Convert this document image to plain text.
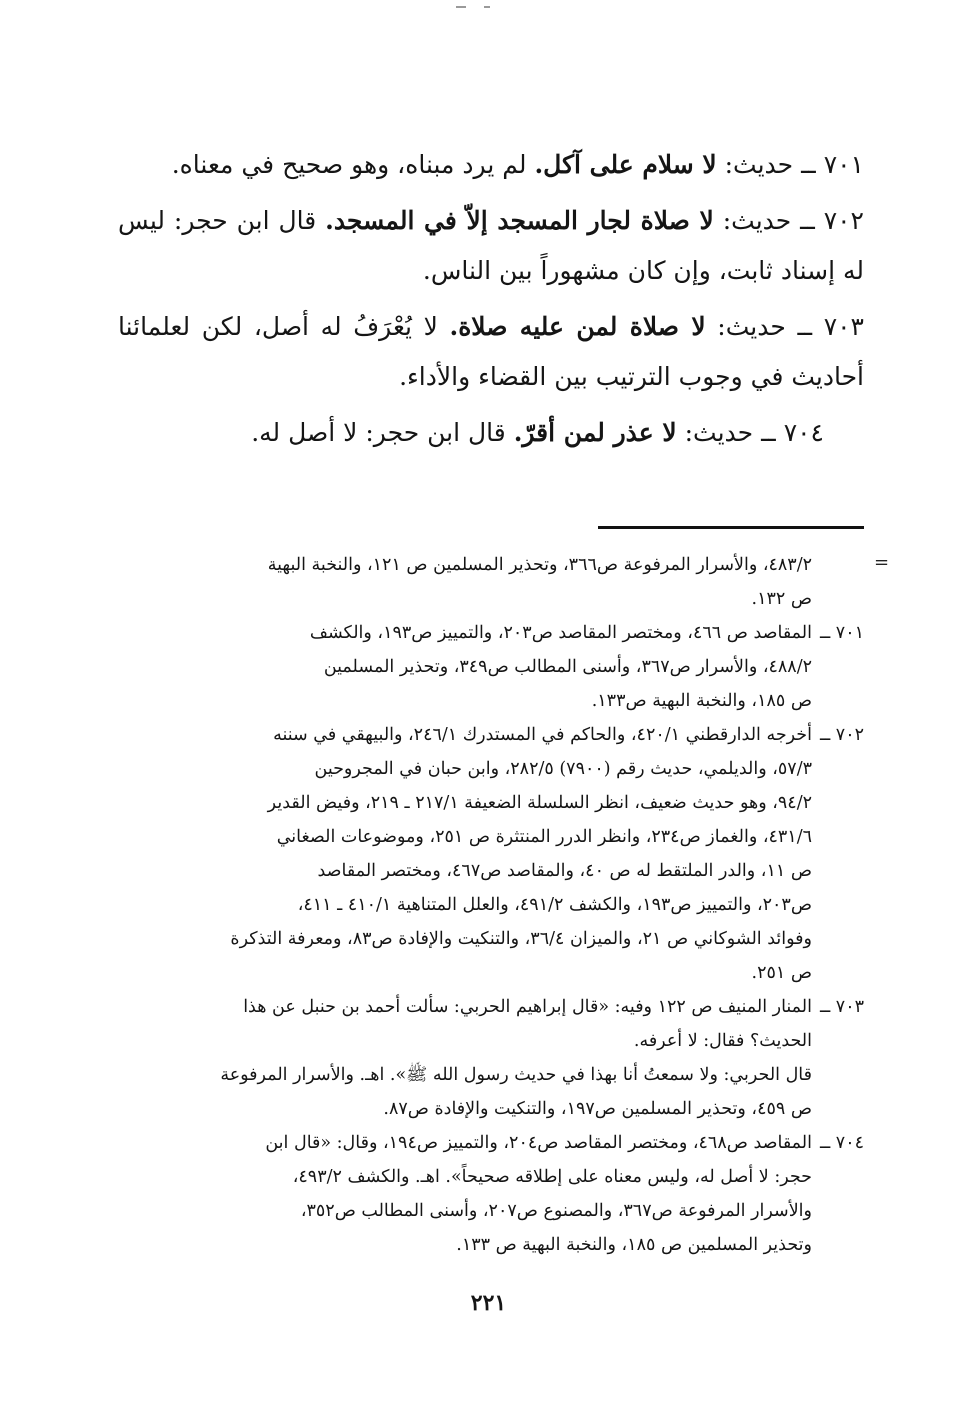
٧٠١ ــ حديث: لا سلام على آكل. لم يرد مبناه، وهو صحيح في معناه.

٧٠٢ ــ حديث: لا صلاة لجار المسجد إلاّ في المسجد. قال ابن حجر: ليس له إسناد ثابت، وإن كان مشهوراً بين الناس.

٧٠٣ ــ حديث: لا صلاة لمن عليه صلاة. لا يُعْرَفُ له أصل، لكن لعلمائنا أحاديث في وجوب الترتيب بين القضاء والأداء.

٧٠٤ ــ حديث: لا عذر لمن أقرّ. قال ابن حجر: لا أصل له.

=
٤٨٣/٢، والأسرار المرفوعة ص٣٦٦، وتحذير المسلمين ص ١٢١، والنخبة البهية
ص ١٣٢.
٧٠١ ــ
المقاصد ص ٤٦٦، ومختصر المقاصد ص٢٠٣، والتمييز ص١٩٣، والكشف
٤٨٨/٢، والأسرار ص٣٦٧، وأسنى المطالب ص٣٤٩، وتحذير المسلمين
ص ١٨٥، والنخبة البهية ص١٣٣.
٧٠٢ ــ
أخرجه الدارقطني ٤٢٠/١، والحاكم في المستدرك ٢٤٦/١، والبيهقي في سننه
٥٧/٣، والديلمي، حديث رقم (٧٩٠٠) ٢٨٢/٥، وابن حبان في المجروحين
٩٤/٢، وهو حديث ضعيف، انظر السلسلة الضعيفة ٢١٧/١ ـ ٢١٩، وفيض القدير
٤٣١/٦، والغماز ص٢٣٤، وانظر الدرر المنتثرة ص ٢٥١، وموضوعات الصغاني
ص ١١، والدر الملتقط له ص ٤٠، والمقاصد ص٤٦٧، ومختصر المقاصد
ص٢٠٣، والتمييز ص١٩٣، والكشف ٤٩١/٢، والعلل المتناهية ٤١٠/١ ـ ٤١١،
وفوائد الشوكاني ص ٢١، والميزان ٣٦/٤، والتنكيت والإفادة ص٨٣، ومعرفة التذكرة
ص ٢٥١.
٧٠٣ ــ
المنار المنيف ص ١٢٢ وفيه: «قال إبراهيم الحربي: سألت أحمد بن حنبل عن هذا
الحديث؟ فقال: لا أعرفه.
قال الحربي: ولا سمعتُ أنا بهذا في حديث رسول الله ﷺ». اهـ. والأسرار المرفوعة
ص ٤٥٩، وتحذير المسلمين ص١٩٧، والتنكيت والإفادة ص٨٧.
٧٠٤ ــ
المقاصد ص٤٦٨، ومختصر المقاصد ص٢٠٤، والتمييز ص١٩٤، وقال: «قال ابن
حجر: لا أصل له، وليس معناه على إطلاقه صحيحاً». اهـ. والكشف ٤٩٣/٢،
والأسرار المرفوعة ص٣٦٧، والمصنوع ص٢٠٧، وأسنى المطالب ص٣٥٢،
وتحذير المسلمين ص ١٨٥، والنخبة البهية ص ١٣٣.
٢٢١
